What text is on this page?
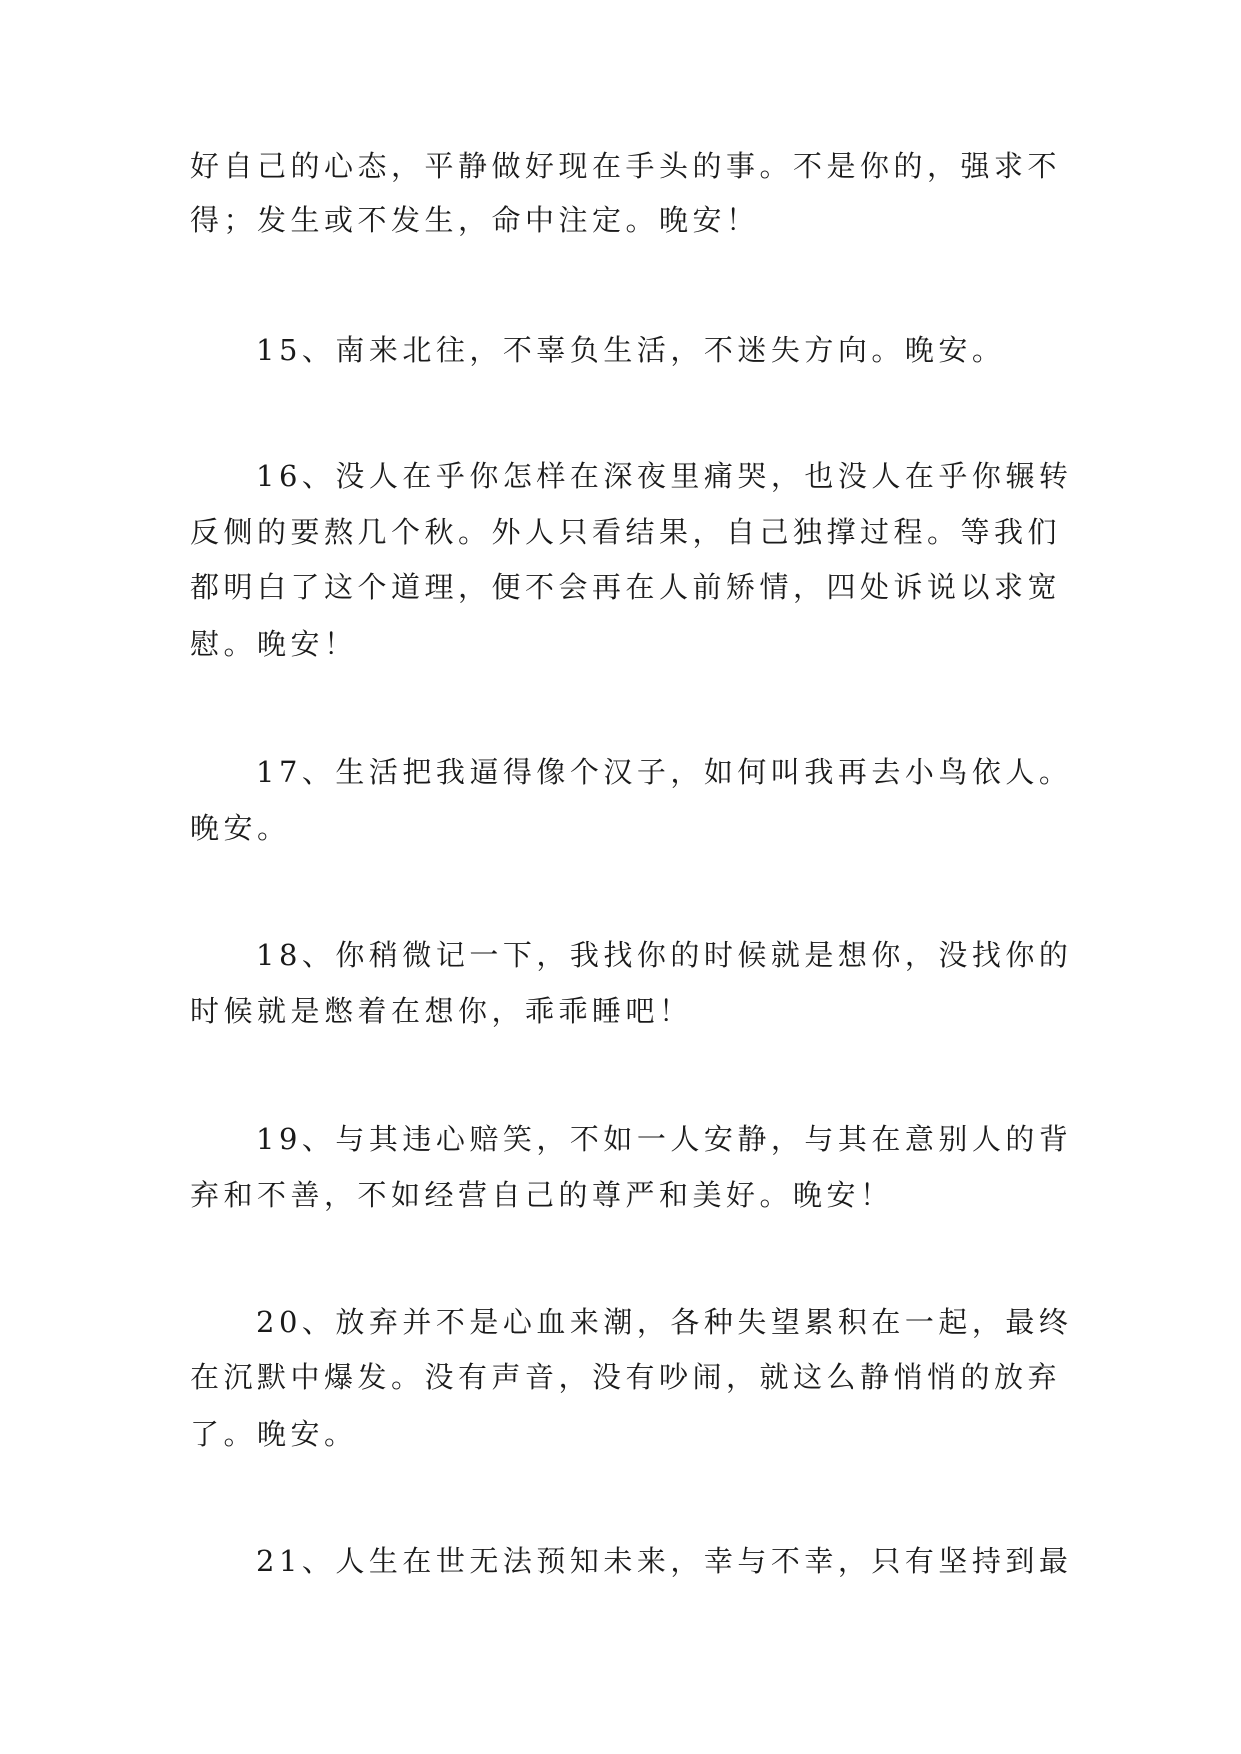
好自己的心态，平静做好现在手头的事。不是你的，强求不
得；发生或不发生，命中注定。晚安！
15、南来北往，不辜负生活，不迷失方向。晚安。
16、没人在乎你怎样在深夜里痛哭，也没人在乎你辗转
反侧的要熬几个秋。外人只看结果，自己独撑过程。等我们
都明白了这个道理，便不会再在人前矫情，四处诉说以求宽
慰。晚安！
17、生活把我逼得像个汉子，如何叫我再去小鸟依人。
晚安。
18、你稍微记一下，我找你的时候就是想你，没找你的
时候就是憋着在想你，乖乖睡吧！
19、与其违心赔笑，不如一人安静，与其在意别人的背
弃和不善，不如经营自己的尊严和美好。晚安！
20、放弃并不是心血来潮，各种失望累积在一起，最终
在沉默中爆发。没有声音，没有吵闹，就这么静悄悄的放弃
了。晚安。
21、人生在世无法预知未来，幸与不幸，只有坚持到最
